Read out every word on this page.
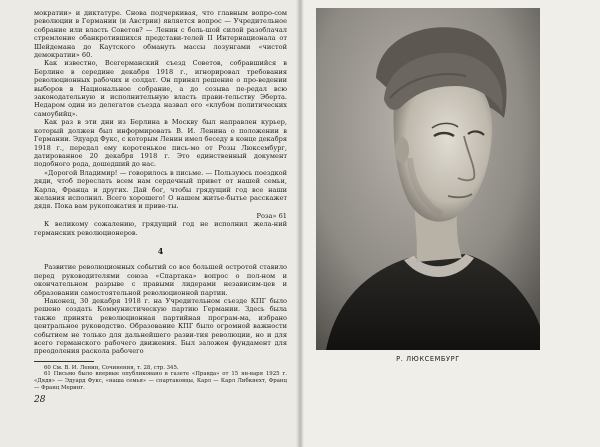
мократии» и диктатуре. Снова подчеркивая, что главным вопро-сом революции в Германии (и Австрии) является вопрос — Учредительное собрание или власть Советов? — Ленин с боль-шой силой разоблачал стремление обанкротившихся представи-телей II Интернационала от Шейдемана до Каутского обмануть массы лозунгами «чистой демократии» 60.

Как известно, Всегерманский съезд Советов, собравшийся в Берлине в середине декабря 1918 г., игнорировал требования революционных рабочих и солдат. Он принял решение о про-ведении выборов в Национальное собрание, а до созыва пе-редал всю законодательную и исполнительную власть прави-тельству Эберта. Недаром один из делегатов съезда назвал его «клубом политических самоубийц».

Как раз в эти дни из Берлина в Москву был направлен курьер, который должен был информировать В. И. Ленина о положении в Германии. Эдуард Фукс, с которым Ленин имел беседу в конце декабря 1918 г., передал ему коротенькое пись-мо от Розы Люксембург, датированное 20 декабря 1918 г. Это единственный документ подобного рода, дошедший до нас.

«Дорогой Владимир! — говорилось в письме. — Пользуюсь поездкой дяди, чтоб переслать всем нам сердечный привет от нашей семьи, Карла, Франца и других. Дай бог, чтобы грядущий год все наши желания исполнил. Всего хорошего! О нашем житье-бытье расскажет дядя. Пока вам рукопожатия и приве-ты.

Роза» 61

К великому сожалению, грядущий год не исполнил жела-ний германских революционеров.

4

Развитие революционных событий со все большей остротой ставило перед руководителями союза «Спартака» вопрос о пол-ном и окончательном разрыве с правыми лидерами независим-цев и образовании самостоятельной революционной партии.

Наконец, 30 декабря 1918 г. на Учредительном съезде КПГ было решено создать Коммунистическую партию Германии. Здесь была также принята революционная партийная програм-ма, избрано центральное руководство. Образование КПГ было огромной важности событием не только для дальнейшего разви-тия революции, но и для всего германского рабочего движения. Был заложен фундамент для преодоления раскола рабочего

60 См. В. И. Ленин, Сочинения, т. 28, стр. 345.

61 Письмо было впервые опубликовано в газете «Правда» от 15 ян-варя 1925 г. «Дядя» — Эдуард Фукс, «наша семья» — спартаковцы, Карл — Карл Либкнехт, Франц — Франц Меринг.

28
Р. ЛЮКСЕМБУРГ
